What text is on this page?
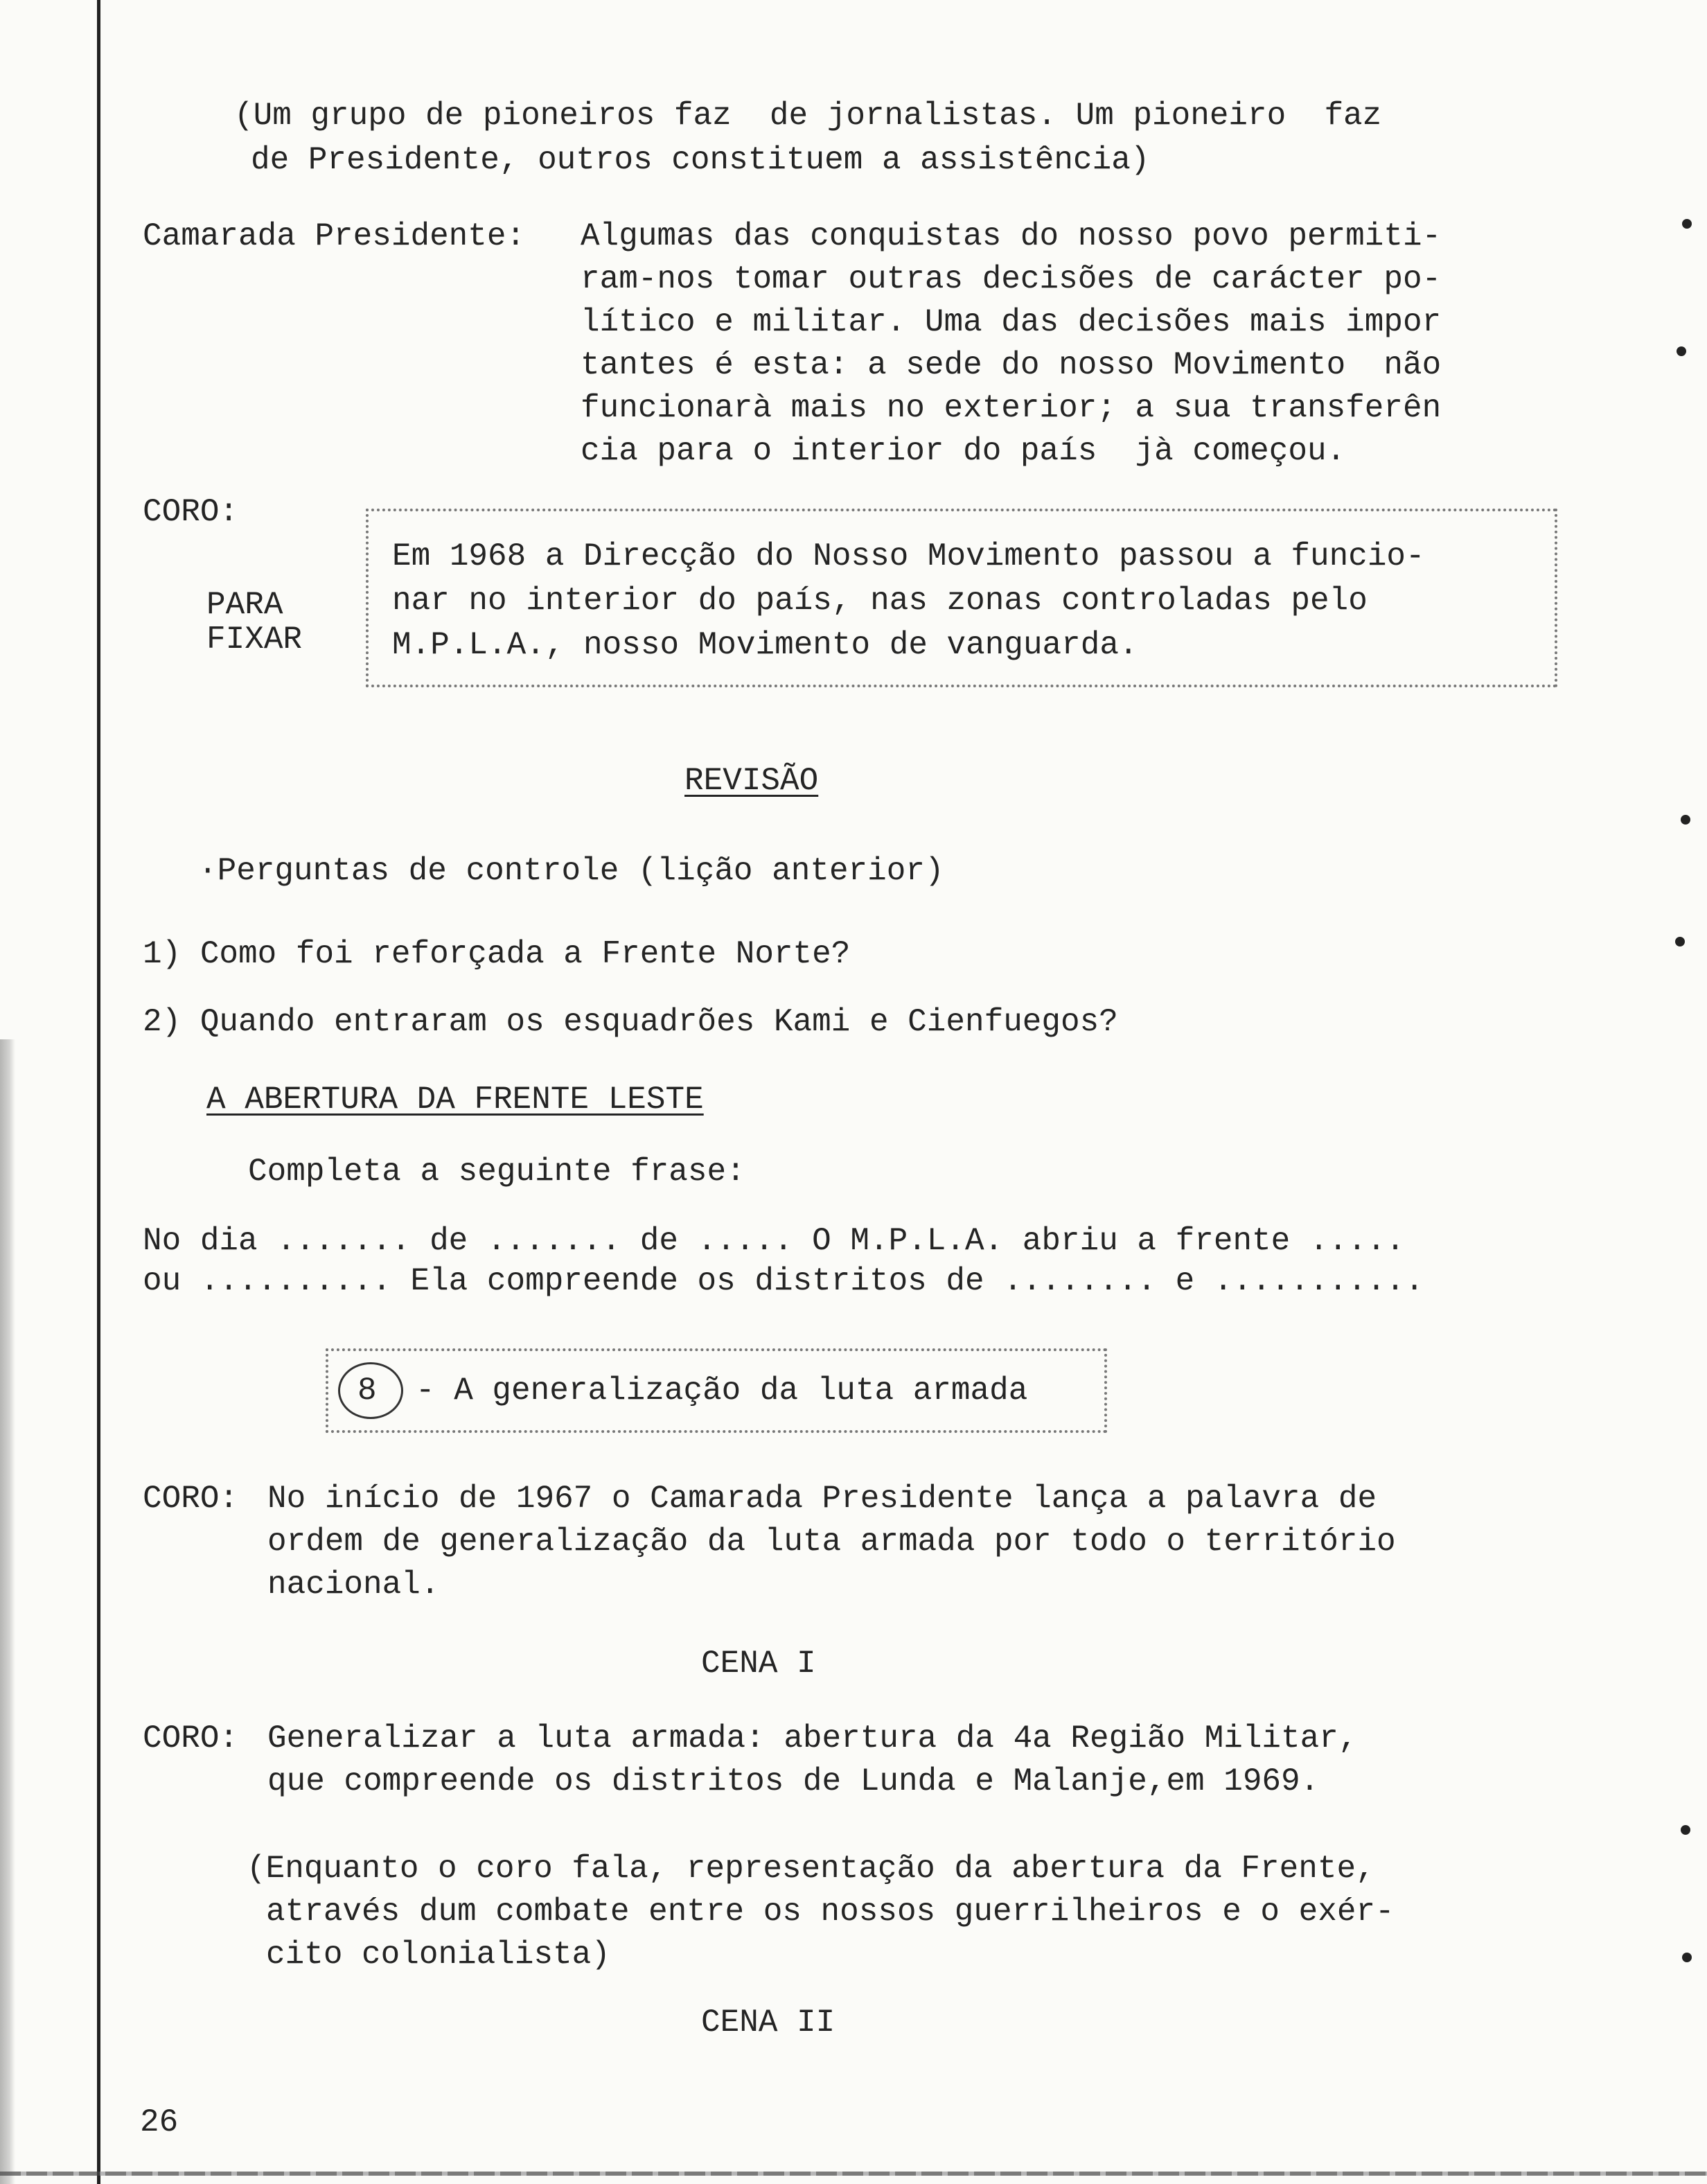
(Um grupo de pioneiros faz  de jornalistas. Um pioneiro  faz
de Presidente, outros constituem a assistência)
Camarada Presidente: Algumas das conquistas do nosso povo permiti-
ram-nos tomar outras decisões de carácter po-
lítico e militar. Uma das decisões mais impor
tantes é esta: a sede do nosso Movimento  não
funcionarà mais no exterior; a sua transferên
cia para o interior do país  jà começou.
CORO:
PARA
FIXAR
Em 1968 a Direcção do Nosso Movimento passou a funcio-
nar no interior do país, nas zonas controladas pelo
M.P.L.A., nosso Movimento de vanguarda.
REVISÃO
·Perguntas de controle (lição anterior)
1) Como foi reforçada a Frente Norte?
2) Quando entraram os esquadrões Kami e Cienfuegos?
A ABERTURA DA FRENTE LESTE
Completa a seguinte frase:
No dia ....... de ....... de ..... O M.P.L.A. abriu a frente .....
ou .......... Ela compreende os distritos de ........ e ...........
8 - A generalização da luta armada
CORO: No início de 1967 o Camarada Presidente lança a palavra de
ordem de generalização da luta armada por todo o território
nacional.
CENA I
CORO: Generalizar a luta armada: abertura da 4a Região Militar,
que compreende os distritos de Lunda e Malanje,em 1969.
(Enquanto o coro fala, representação da abertura da Frente,
através dum combate entre os nossos guerrilheiros e o exér-
cito colonialista)
CENA II
26
